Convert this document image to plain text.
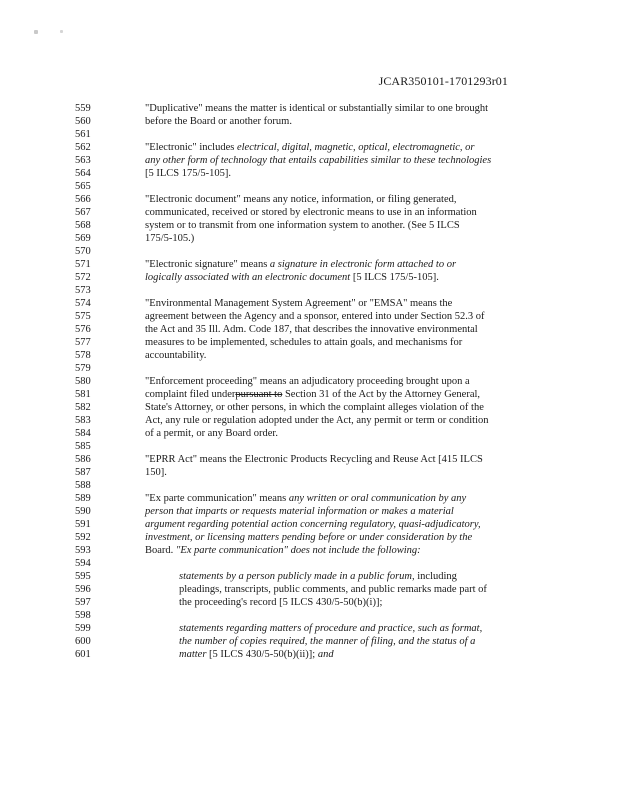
JCAR350101-1701293r01
559
560
561
562
563
564
565
566
567
568
569
570
571
572
573
574
575
576
577
578
579
580
581
582
583
584
585
586
587
588
589
590
591
592
593
594
595
596
597
598
599
600
601
"Duplicative" means the matter is identical or substantially similar to one brought
before the Board or another forum.
"Electronic" includes electrical, digital, magnetic, optical, electromagnetic, or
any other form of technology that entails capabilities similar to these technologies
[5 ILCS 175/5-105].
"Electronic document" means any notice, information, or filing generated,
communicated, received or stored by electronic means to use in an information
system or to transmit from one information system to another. (See 5 ILCS
175/5-105.)
"Electronic signature" means a signature in electronic form attached to or
logically associated with an electronic document [5 ILCS 175/5-105].
"Environmental Management System Agreement" or "EMSA" means the
agreement between the Agency and a sponsor, entered into under Section 52.3 of
the Act and 35 Ill. Adm. Code 187, that describes the innovative environmental
measures to be implemented, schedules to attain goals, and mechanisms for
accountability.
"Enforcement proceeding" means an adjudicatory proceeding brought upon a
complaint filed underpursuant to Section 31 of the Act by the Attorney General,
State's Attorney, or other persons, in which the complaint alleges violation of the
Act, any rule or regulation adopted under the Act, any permit or term or condition
of a permit, or any Board order.
"EPRR Act" means the Electronic Products Recycling and Reuse Act [415 ILCS
150].
"Ex parte communication" means any written or oral communication by any
person that imparts or requests material information or makes a material
argument regarding potential action concerning regulatory, quasi-adjudicatory,
investment, or licensing matters pending before or under consideration by the
Board. "Ex parte communication" does not include the following:
statements by a person publicly made in a public forum, including
pleadings, transcripts, public comments, and public remarks made part of
the proceeding's record [5 ILCS 430/5-50(b)(i)];
statements regarding matters of procedure and practice, such as format,
the number of copies required, the manner of filing, and the status of a
matter [5 ILCS 430/5-50(b)(ii)]; and
